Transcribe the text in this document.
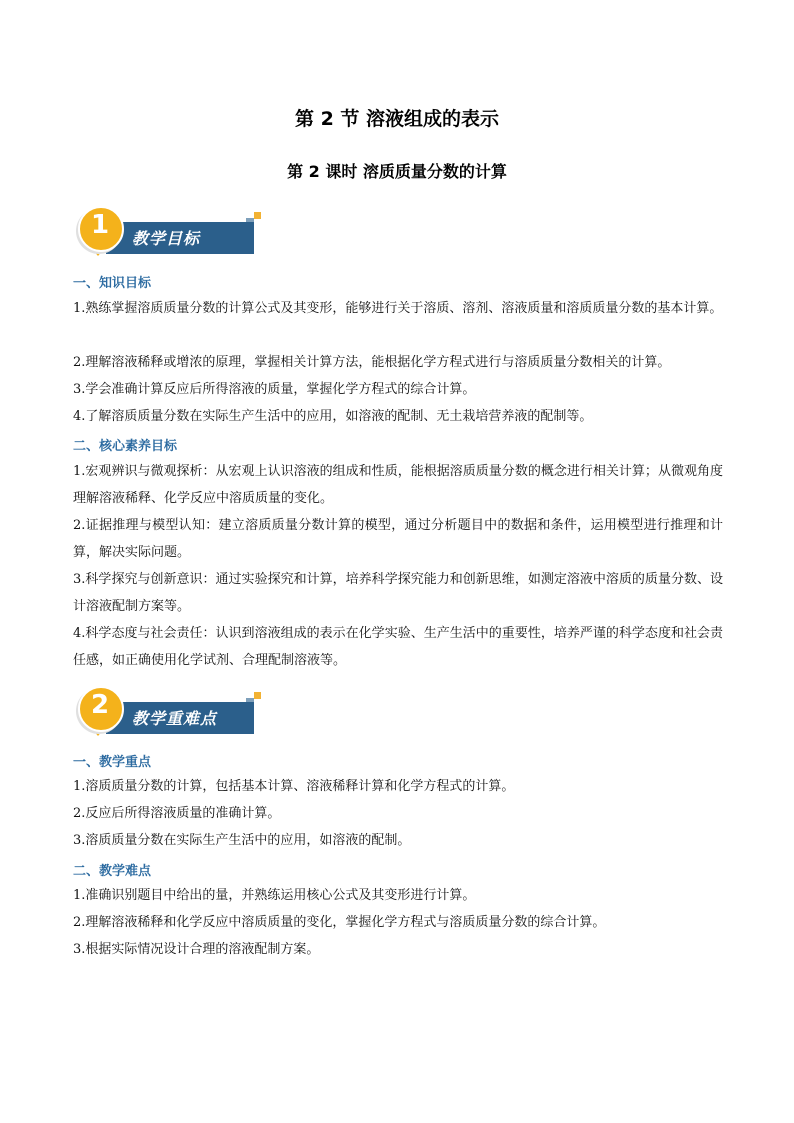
第 2 节 溶液组成的表示
第 2 课时 溶质质量分数的计算
教学目标
1
一、知识目标
1.熟练掌握溶质质量分数的计算公式及其变形，能够进行关于溶质、溶剂、溶液质量和溶质质量分数的基本计算。
2.理解溶液稀释或增浓的原理，掌握相关计算方法，能根据化学方程式进行与溶质质量分数相关的计算。
3.学会准确计算反应后所得溶液的质量，掌握化学方程式的综合计算。
4.了解溶质质量分数在实际生产生活中的应用，如溶液的配制、无土栽培营养液的配制等。
二、核心素养目标
1.宏观辨识与微观探析：从宏观上认识溶液的组成和性质，能根据溶质质量分数的概念进行相关计算；从微观角度理解溶液稀释、化学反应中溶质质量的变化。
2.证据推理与模型认知：建立溶质质量分数计算的模型，通过分析题目中的数据和条件，运用模型进行推理和计算，解决实际问题。
3.科学探究与创新意识：通过实验探究和计算，培养科学探究能力和创新思维，如测定溶液中溶质的质量分数、设计溶液配制方案等。
4.科学态度与社会责任：认识到溶液组成的表示在化学实验、生产生活中的重要性，培养严谨的科学态度和社会责任感，如正确使用化学试剂、合理配制溶液等。
教学重难点
2
一、教学重点
1.溶质质量分数的计算，包括基本计算、溶液稀释计算和化学方程式的计算。
2.反应后所得溶液质量的准确计算。
3.溶质质量分数在实际生产生活中的应用，如溶液的配制。
二、教学难点
1.准确识别题目中给出的量，并熟练运用核心公式及其变形进行计算。
2.理解溶液稀释和化学反应中溶质质量的变化，掌握化学方程式与溶质质量分数的综合计算。
3.根据实际情况设计合理的溶液配制方案。
